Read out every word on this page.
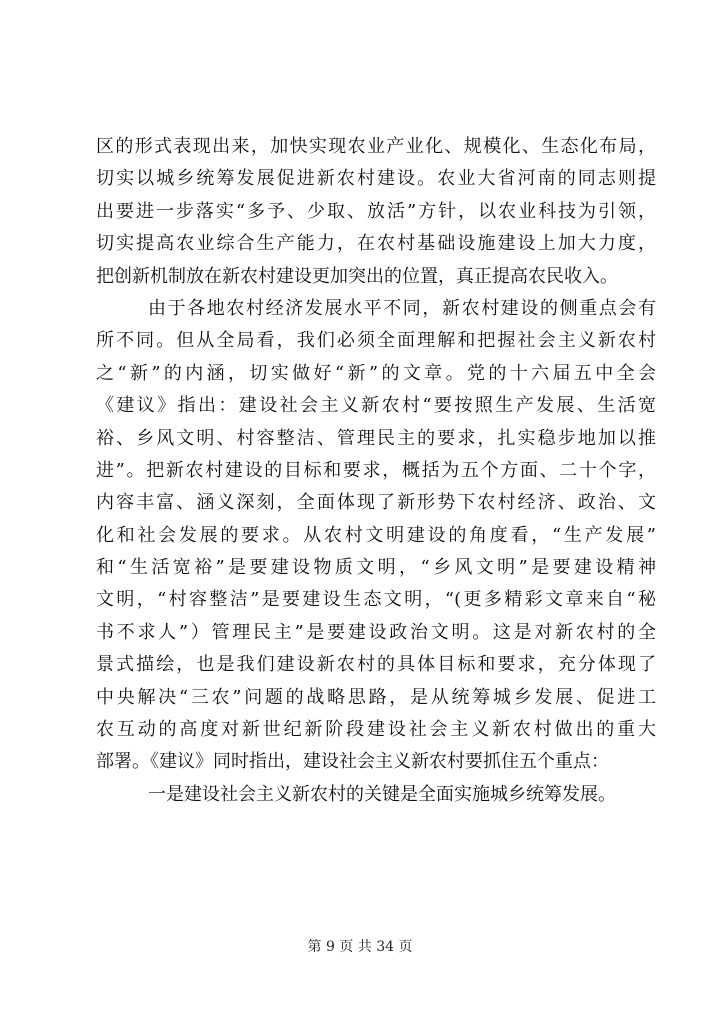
区的形式表现出来，加快实现农业产业化、规模化、生态化布局，
切实以城乡统筹发展促进新农村建设。农业大省河南的同志则提
出要进一步落实“多予、少取、放活”方针，以农业科技为引领，
切实提高农业综合生产能力，在农村基础设施建设上加大力度，
把创新机制放在新农村建设更加突出的位置，真正提高农民收入。
由于各地农村经济发展水平不同，新农村建设的侧重点会有
所不同。但从全局看，我们必须全面理解和把握社会主义新农村
之“新”的内涵，切实做好“新”的文章。党的十六届五中全会
《建议》指出：建设社会主义新农村“要按照生产发展、生活宽
裕、乡风文明、村容整洁、管理民主的要求，扎实稳步地加以推
进”。把新农村建设的目标和要求，概括为五个方面、二十个字，
内容丰富、涵义深刻，全面体现了新形势下农村经济、政治、文
化和社会发展的要求。从农村文明建设的角度看，“生产发展”
和“生活宽裕”是要建设物质文明，“乡风文明”是要建设精神
文明，“村容整洁”是要建设生态文明，“(更多精彩文章来自“秘
书不求人”）管理民主”是要建设政治文明。这是对新农村的全
景式描绘，也是我们建设新农村的具体目标和要求，充分体现了
中央解决“三农”问题的战略思路，是从统筹城乡发展、促进工
农互动的高度对新世纪新阶段建设社会主义新农村做出的重大
部署。《建议》同时指出，建设社会主义新农村要抓住五个重点：
一是建设社会主义新农村的关键是全面实施城乡统筹发展。
第 9 页 共 34 页
